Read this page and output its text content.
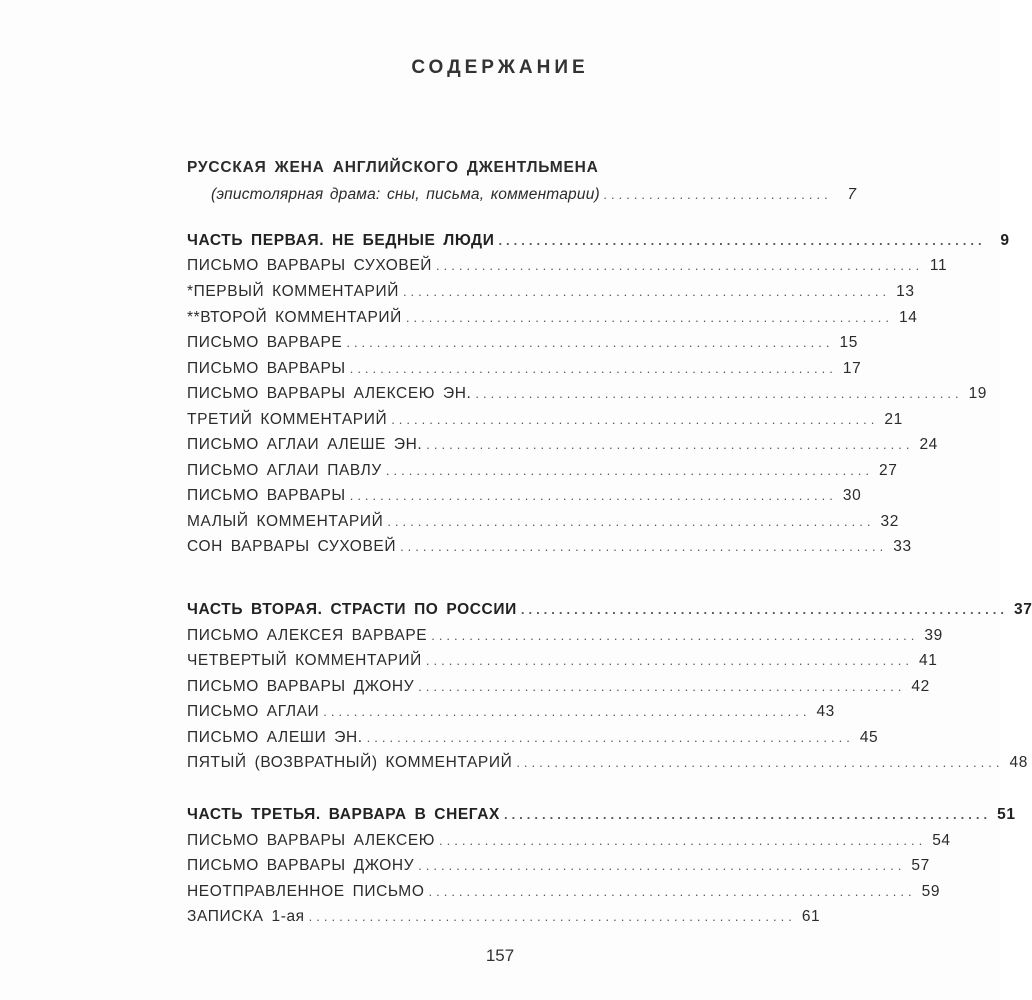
СОДЕРЖАНИЕ
РУССКАЯ ЖЕНА АНГЛИЙСКОГО ДЖЕНТЛЬМЕНА
(эпистолярная драма: сны, письма, комментарии) .............................. 7
ЧАСТЬ ПЕРВАЯ. НЕ БЕДНЫЕ ЛЮДИ ................................................................ 9
ПИСЬМО ВАРВАРЫ СУХОВЕЙ ................................................................ 11
*ПЕРВЫЙ КОММЕНТАРИЙ ................................................................ 13
**ВТОРОЙ КОММЕНТАРИЙ ................................................................ 14
ПИСЬМО ВАРВАРЕ ................................................................ 15
ПИСЬМО ВАРВАРЫ ................................................................ 17
ПИСЬМО ВАРВАРЫ АЛЕКСЕЮ ЭН. ................................................................ 19
ТРЕТИЙ КОММЕНТАРИЙ ................................................................ 21
ПИСЬМО АГЛАИ АЛЕШЕ ЭН. ................................................................ 24
ПИСЬМО АГЛАИ ПАВЛУ ................................................................ 27
ПИСЬМО ВАРВАРЫ ................................................................ 30
МАЛЫЙ КОММЕНТАРИЙ ................................................................ 32
СОН ВАРВАРЫ СУХОВЕЙ ................................................................ 33
ЧАСТЬ ВТОРАЯ. СТРАСТИ ПО РОССИИ ................................................................ 37
ПИСЬМО АЛЕКСЕЯ ВАРВАРЕ ................................................................ 39
ЧЕТВЕРТЫЙ КОММЕНТАРИЙ ................................................................ 41
ПИСЬМО ВАРВАРЫ ДЖОНУ ................................................................ 42
ПИСЬМО АГЛАИ ................................................................ 43
ПИСЬМО АЛЕШИ ЭН. ................................................................ 45
ПЯТЫЙ (ВОЗВРАТНЫЙ) КОММЕНТАРИЙ ................................................................ 48
ЧАСТЬ ТРЕТЬЯ. ВАРВАРА В СНЕГАХ ................................................................ 51
ПИСЬМО ВАРВАРЫ АЛЕКСЕЮ ................................................................ 54
ПИСЬМО ВАРВАРЫ ДЖОНУ ................................................................ 57
НЕОТПРАВЛЕННОЕ ПИСЬМО ................................................................ 59
ЗАПИСКА 1-ая ................................................................ 61
157
